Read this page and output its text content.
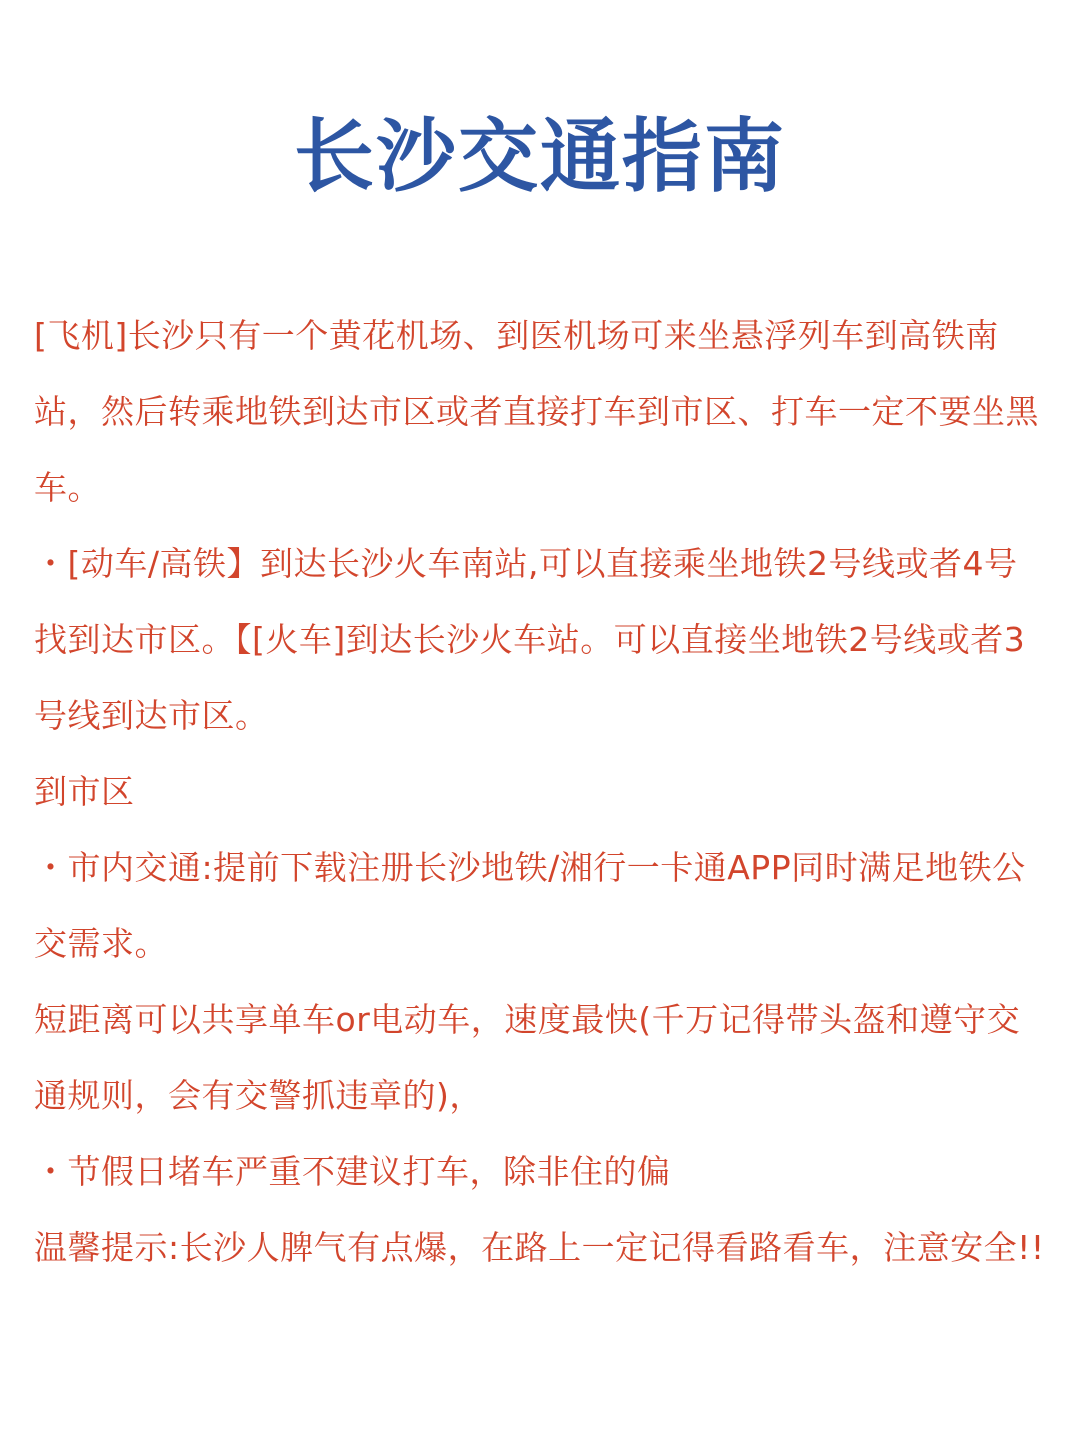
长沙交通指南

[飞机]长沙只有一个黄花机场、到医机场可来坐悬浮列车到高铁南站，然后转乘地铁到达市区或者直接打车到市区、打车一定不要坐黑车。

・[动车/高铁】到达长沙火车南站,可以直接乘坐地铁2号线或者4号找到达市区。【[火车]到达长沙火车站。可以直接坐地铁2号线或者3号线到达市区。

到市区

・市内交通:提前下载注册长沙地铁/湘行一卡通APP同时满足地铁公交需求。

短距离可以共享单车or电动车，速度最快(千万记得带头盔和遵守交通规则，会有交警抓违章的)，

・节假日堵车严重不建议打车，除非住的偏

温馨提示:长沙人脾气有点爆，在路上一定记得看路看车，注意安全!!
